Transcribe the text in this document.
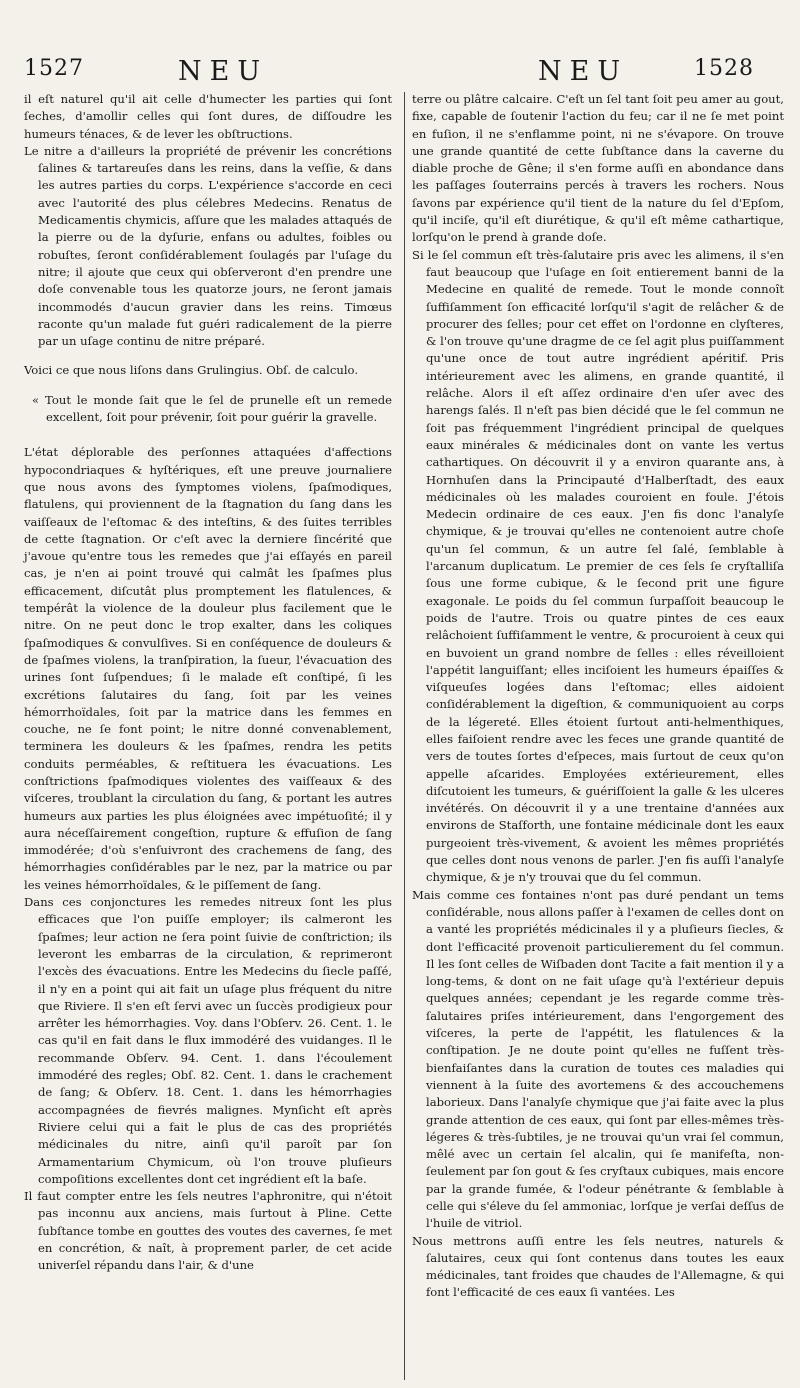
1527	NEU	NEU	1528

il eſt naturel qu'il ait celle d'humecter les parties qui ſont ſeches, d'amollir celles qui ſont dures, de diſſoudre les humeurs ténaces, & de lever les obſtructions.

Le nitre a d'ailleurs la propriété de prévenir les concrétions ſalines & tartareuſes dans les reins, dans la veſſie, & dans les autres parties du corps. L'expérience s'accorde en ceci avec l'autorité des plus célebres Medecins. Renatus de Medicamentis chymicis, aſſure que les malades attaqués de la pierre ou de la dyſurie, enfans ou adultes, foibles ou robuſtes, ſeront conſidérablement ſoulagés par l'uſage du nitre; il ajoute que ceux qui obſerveront d'en prendre une doſe convenable tous les quatorze jours, ne ſeront jamais incommodés d'aucun gravier dans les reins. Timœus raconte qu'un malade fut guéri radicalement de la pierre par un uſage continu de nitre préparé.

Voici ce que nous liſons dans Grulingius. Obſ. de calculo.

« Tout le monde ſait que le ſel de prunelle eſt un remede excellent, ſoit pour prévenir, ſoit pour guérir la gravelle.

L'état déplorable des perſonnes attaquées d'affections hypocondriaques & hyſtériques, eſt une preuve journaliere que nous avons des ſymptomes violens, ſpaſmodiques, flatulens, qui proviennent de la ſtagnation du ſang dans les vaiſſeaux de l'eſtomac & des inteſtins, & des ſuites terribles de cette ſtagnation. Or c'eſt avec la derniere ſincérité que j'avoue qu'entre tous les remedes que j'ai eſſayés en pareil cas, je n'en ai point trouvé qui calmât les ſpaſmes plus efficacement, diſcutât plus promptement les flatulences, & tempérât la violence de la douleur plus facilement que le nitre. On ne peut donc le trop exalter, dans les coliques ſpaſmodiques & convulſives. Si en conſéquence de douleurs & de ſpaſmes violens, la tranſpiration, la ſueur, l'évacuation des urines ſont ſuſpendues; ſi le malade eſt conſtipé, ſi les excrétions ſalutaires du ſang, ſoit par les veines hémorrhoïdales, ſoit par la matrice dans les femmes en couche, ne ſe font point; le nitre donné convenablement, terminera les douleurs & les ſpaſmes, rendra les petits conduits perméables, & reſtituera les évacuations. Les conſtrictions ſpaſmodiques violentes des vaiſſeaux & des viſceres, troublant la circulation du ſang, & portant les autres humeurs aux parties les plus éloignées avec impétuoſité; il y aura néceſſairement congeſtion, rupture & effuſion de ſang immodérée; d'où s'enſuivront des crachemens de ſang, des hémorrhagies conſidérables par le nez, par la matrice ou par les veines hémorrhoïdales, & le piſſement de ſang.

Dans ces conjonctures les remedes nitreux ſont les plus efficaces que l'on puiſſe employer; ils calmeront les ſpaſmes; leur action ne ſera point ſuivie de conſtriction; ils leveront les embarras de la circulation, & reprimeront l'excès des évacuations. Entre les Medecins du ſiecle paſſé, il n'y en a point qui ait fait un uſage plus fréquent du nitre que Riviere. Il s'en eſt ſervi avec un ſuccès prodigieux pour arrêter les hémorrhagies. Voy. dans l'Obſerv. 26. Cent. 1. le cas qu'il en fait dans le flux immodéré des vuidanges. Il le recommande Obſerv. 94. Cent. 1. dans l'écoulement immodéré des regles; Obſ. 82. Cent. 1. dans le crachement de ſang; & Obſerv. 18. Cent. 1. dans les hémorrhagies accompagnées de fievrés malignes. Mynſicht eſt après Riviere celui qui a fait le plus de cas des propriétés médicinales du nitre, ainſi qu'il paroît par ſon Armamentarium Chymicum, où l'on trouve pluſieurs compoſitions excellentes dont cet ingrédient eſt la baſe.

Il faut compter entre les ſels neutres l'aphronitre, qui n'étoit pas inconnu aux anciens, mais ſurtout à Pline. Cette ſubſtance tombe en gouttes des voutes des cavernes, ſe met en concrétion, & naît, à proprement parler, de cet acide univerſel répandu dans l'air, & d'une

terre ou plâtre calcaire. C'eſt un ſel tant ſoit peu amer au gout, fixe, capable de ſoutenir l'action du feu; car il ne ſe met point en fuſion, il ne s'enflamme point, ni ne s'évapore. On trouve une grande quantité de cette ſubſtance dans la caverne du diable proche de Gêne; il s'en forme auſſi en abondance dans les paſſages ſouterrains percés à travers les rochers. Nous ſavons par expérience qu'il tient de la nature du ſel d'Epſom, qu'il inciſe, qu'il eſt diurétique, & qu'il eſt même cathartique, lorſqu'on le prend à grande doſe.

Si le ſel commun eſt très-ſalutaire pris avec les alimens, il s'en faut beaucoup que l'uſage en ſoit entierement banni de la Medecine en qualité de remede. Tout le monde connoît ſuffiſamment ſon efficacité lorſqu'il s'agit de relâcher & de procurer des ſelles; pour cet effet on l'ordonne en clyſteres, & l'on trouve qu'une dragme de ce ſel agit plus puiſſamment qu'une once de tout autre ingrédient apéritif. Pris intérieurement avec les alimens, en grande quantité, il relâche. Alors il eſt aſſez ordinaire d'en uſer avec des harengs ſalés. Il n'eſt pas bien décidé que le ſel commun ne ſoit pas fréquemment l'ingrédient principal de quelques eaux minérales & médicinales dont on vante les vertus cathartiques. On découvrit il y a environ quarante ans, à Hornhuſen dans la Principauté d'Halberſtadt, des eaux médicinales où les malades couroient en foule. J'étois Medecin ordinaire de ces eaux. J'en fis donc l'analyſe chymique, & je trouvai qu'elles ne contenoient autre choſe qu'un ſel commun, & un autre ſel ſalé, ſemblable à l'arcanum duplicatum. Le premier de ces ſels ſe cryſtalliſa ſous une forme cubique, & le ſecond prit une figure exagonale. Le poids du ſel commun ſurpaſſoit beaucoup le poids de l'autre. Trois ou quatre pintes de ces eaux relâchoient ſuffiſamment le ventre, & procuroient à ceux qui en buvoient un grand nombre de ſelles : elles réveilloient l'appétit languiſſant; elles inciſoient les humeurs épaiſſes & viſqueuſes logées dans l'eſtomac; elles aidoient conſidérablement la digeſtion, & communiquoient au corps de la légereté. Elles étoient ſurtout anti-helmenthiques, elles faiſoient rendre avec les feces une grande quantité de vers de toutes ſortes d'eſpeces, mais ſurtout de ceux qu'on appelle aſcarides. Employées extérieurement, elles diſcutoient les tumeurs, & guériſſoient la galle & les ulceres invétérés. On découvrit il y a une trentaine d'années aux environs de Staſforth, une fontaine médicinale dont les eaux purgeoient très-vivement, & avoient les mêmes propriétés que celles dont nous venons de parler. J'en fis auſſi l'analyſe chymique, & je n'y trouvai que du ſel commun.

Mais comme ces fontaines n'ont pas duré pendant un tems conſidérable, nous allons paſſer à l'examen de celles dont on a vanté les propriétés médicinales il y a pluſieurs ſiecles, & dont l'efficacité provenoit particulierement du ſel commun. Il les ſont celles de Wiſbaden dont Tacite a fait mention il y a long-tems, & dont on ne fait uſage qu'à l'extérieur depuis quelques années; cependant je les regarde comme très-ſalutaires priſes intérieurement, dans l'engorgement des viſceres, la perte de l'appétit, les flatulences & la conſtipation. Je ne doute point qu'elles ne fuſſent très-bienfaiſantes dans la curation de toutes ces maladies qui viennent à la ſuite des avortemens & des accouchemens laborieux. Dans l'analyſe chymique que j'ai faite avec la plus grande attention de ces eaux, qui ſont par elles-mêmes très-légeres & très-ſubtiles, je ne trouvai qu'un vrai ſel commun, mêlé avec un certain ſel alcalin, qui ſe manifeſta, non-ſeulement par ſon gout & ſes cryſtaux cubiques, mais encore par la grande fumée, & l'odeur pénétrante & ſemblable à celle qui s'éleve du ſel ammoniac, lorſque je verſai deſſus de l'huile de vitriol.

Nous mettrons auſſi entre les ſels neutres, naturels & ſalutaires, ceux qui ſont contenus dans toutes les eaux médicinales, tant froides que chaudes de l'Allemagne, & qui font l'efficacité de ces eaux ſi vantées. Les
